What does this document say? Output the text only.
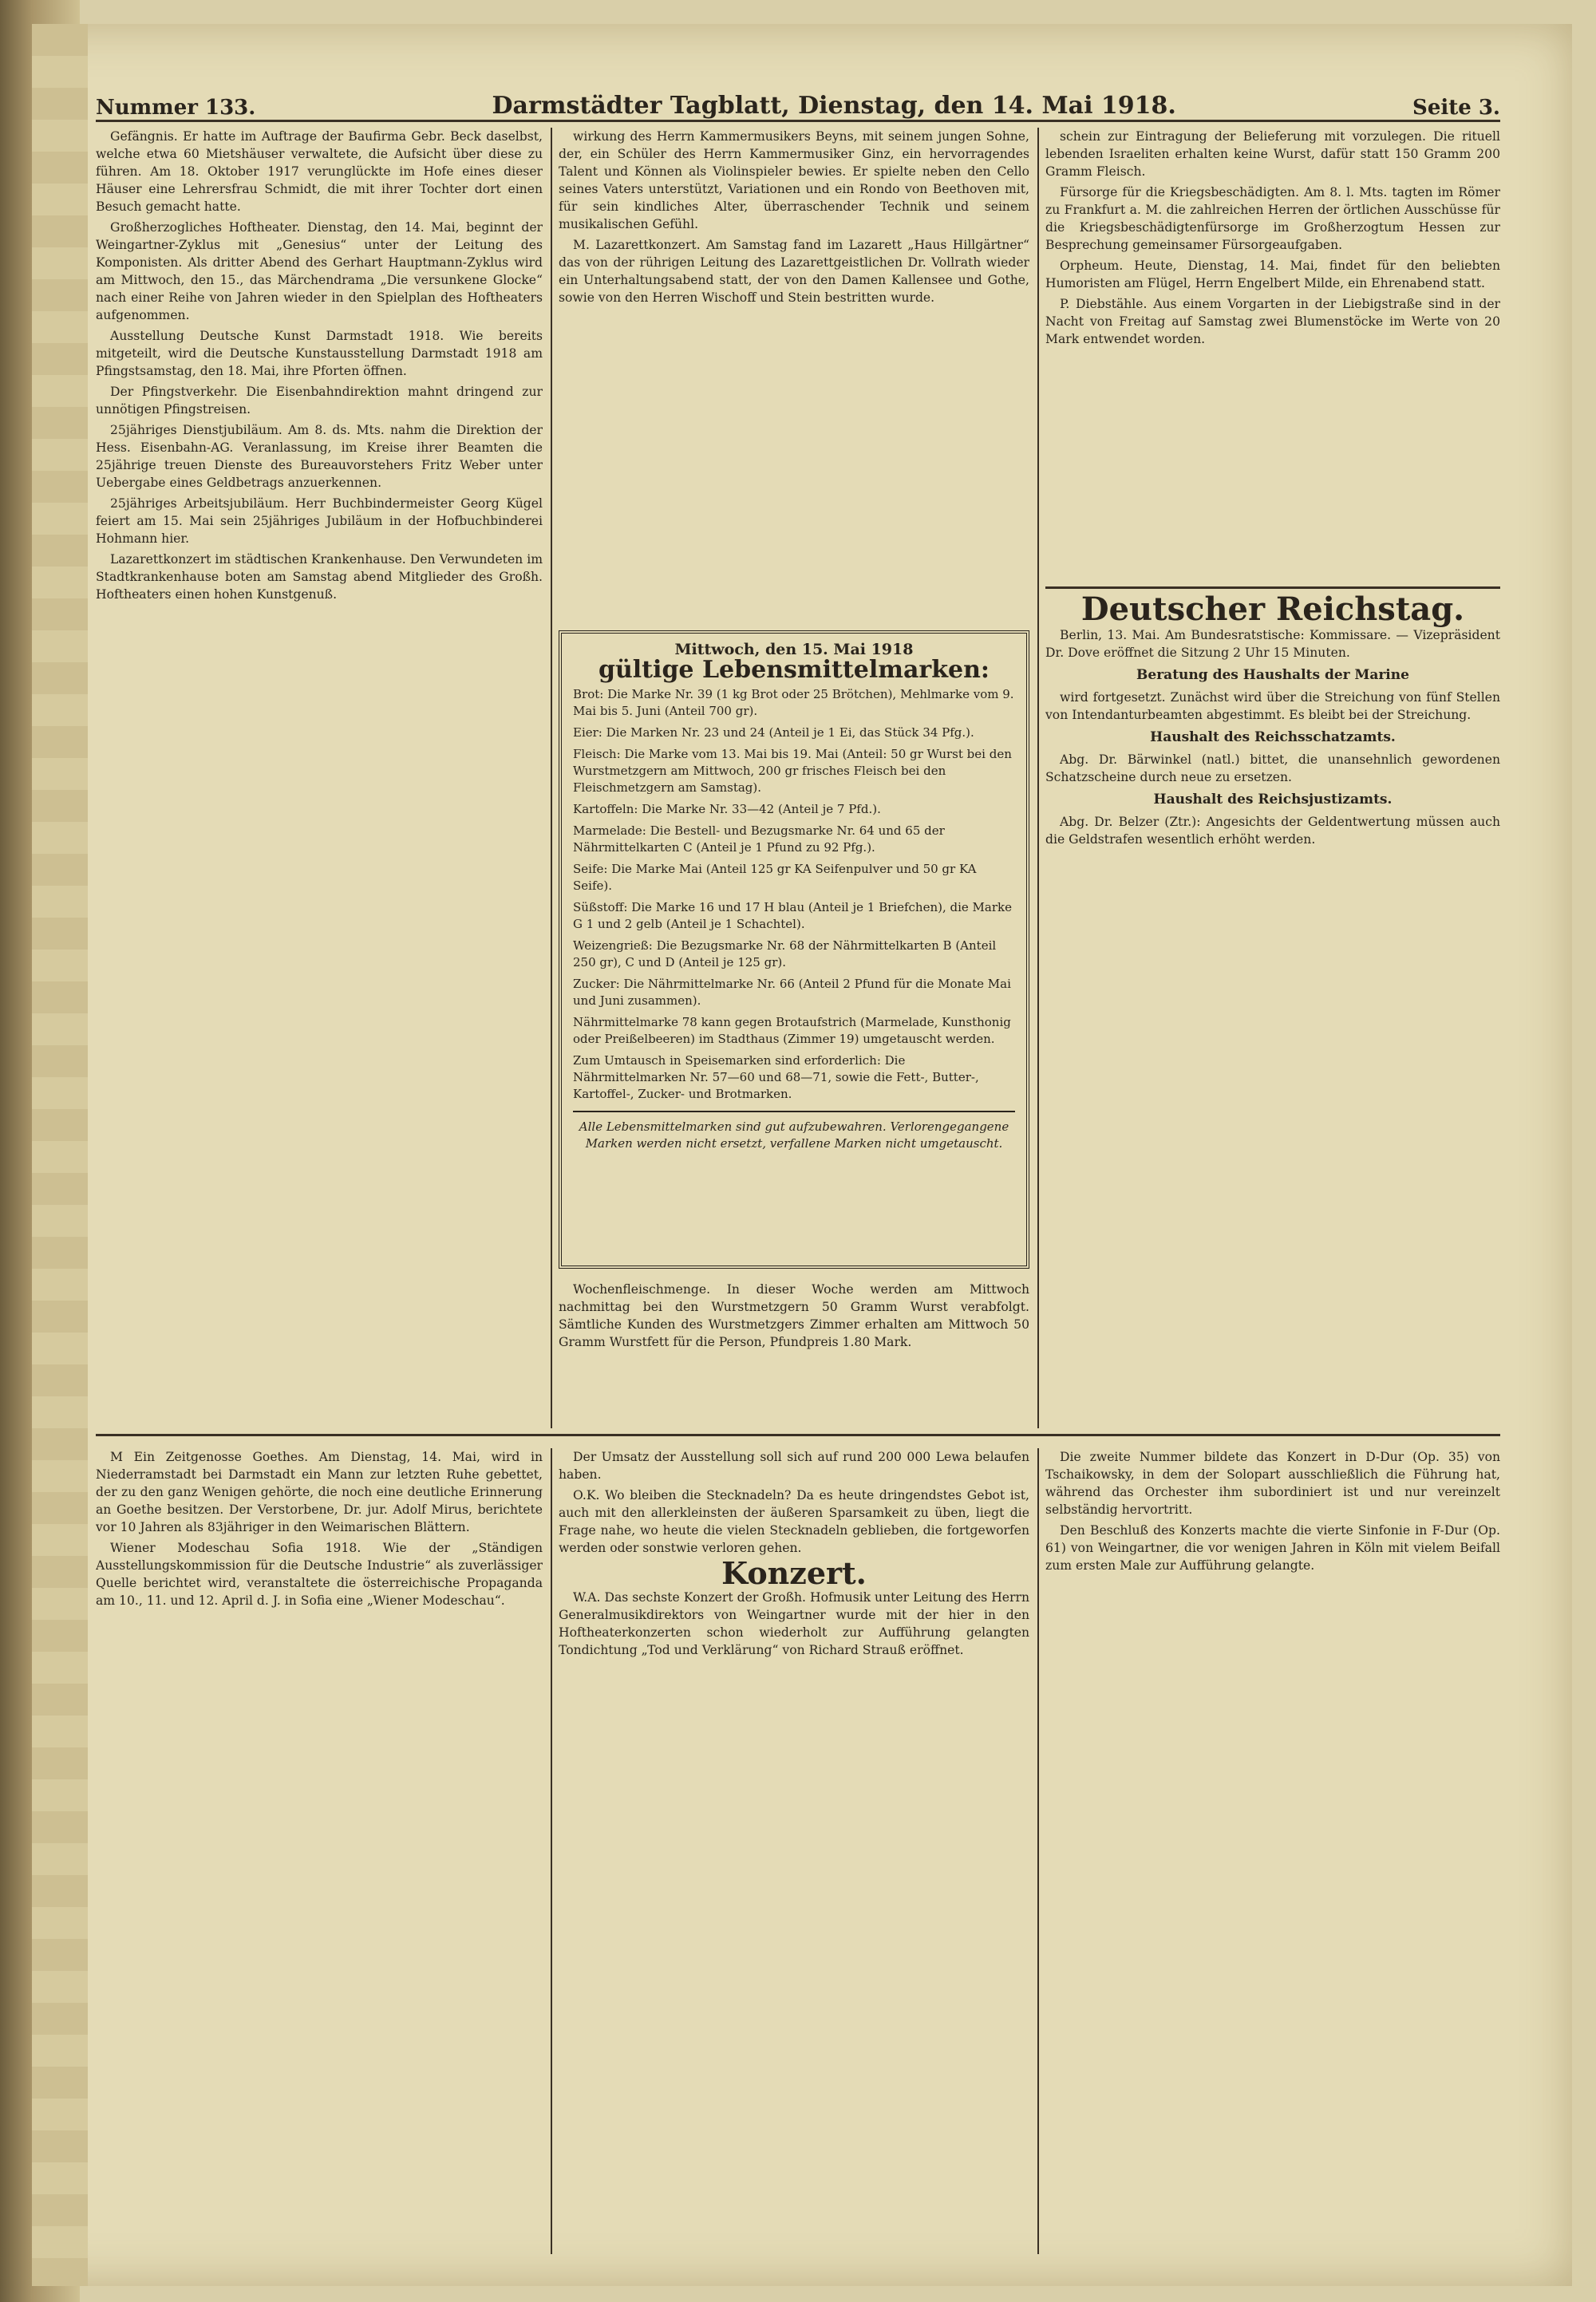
Nummer 133.	Darmstädter Tagblatt, Dienstag, den 14. Mai 1918.	Seite 3.

Gefängnis. Er hatte im Auftrage der Baufirma Gebr. Beck daselbst, welche etwa 60 Mietshäuser verwaltete, die Aufsicht über diese zu führen. Am 18. Oktober 1917 verunglückte im Hofe eines dieser Häuser eine Lehrersfrau Schmidt, die mit ihrer Tochter dort einen Besuch gemacht hatte.

Großherzogliches Hoftheater. Dienstag, den 14. Mai, beginnt der Weingartner-Zyklus mit „Genesius“ unter der Leitung des Komponisten. Als dritter Abend des Gerhart Hauptmann-Zyklus wird am Mittwoch, den 15., das Märchendrama „Die versunkene Glocke“ nach einer Reihe von Jahren wieder in den Spielplan des Hoftheaters aufgenommen.

Ausstellung Deutsche Kunst Darmstadt 1918. Wie bereits mitgeteilt, wird die Deutsche Kunstausstellung Darmstadt 1918 am Pfingstsamstag, den 18. Mai, ihre Pforten öffnen.

Der Pfingstverkehr. Die Eisenbahndirektion mahnt dringend zur unnötigen Pfingstreisen.

25jähriges Dienstjubiläum. Am 8. ds. Mts. nahm die Direktion der Hess. Eisenbahn-AG. Veranlassung, im Kreise ihrer Beamten die 25jährige treuen Dienste des Bureauvorstehers Fritz Weber unter Uebergabe eines Geldbetrags anzuerkennen.

25jähriges Arbeitsjubiläum. Herr Buchbindermeister Georg Kügel feiert am 15. Mai sein 25jähriges Jubiläum in der Hofbuchbinderei Hohmann hier.

Lazarettkonzert im städtischen Krankenhause. Den Verwundeten im Stadtkrankenhause boten am Samstag abend Mitglieder des Großh. Hoftheaters einen hohen Kunstgenuß.

wirkung des Herrn Kammermusikers Beyns, mit seinem jungen Sohne, der, ein Schüler des Herrn Kammermusiker Ginz, ein hervorragendes Talent und Können als Violinspieler bewies. Er spielte neben den Cello seines Vaters unterstützt, Variationen und ein Rondo von Beethoven mit, für sein kindliches Alter, überraschender Technik und seinem musikalischen Gefühl.

M. Lazarettkonzert. Am Samstag fand im Lazarett „Haus Hillgärtner“ das von der rührigen Leitung des Lazarettgeistlichen Dr. Vollrath wieder ein Unterhaltungsabend statt, der von den Damen Kallensee und Gothe, sowie von den Herren Wischoff und Stein bestritten wurde.

Mittwoch, den 15. Mai 1918
gültige Lebensmittelmarken:

Brot: Die Marke Nr. 39 (1 kg Brot oder 25 Brötchen), Mehlmarke vom 9. Mai bis 5. Juni (Anteil 700 gr).

Eier: Die Marken Nr. 23 und 24 (Anteil je 1 Ei, das Stück 34 Pfg.).

Fleisch: Die Marke vom 13. Mai bis 19. Mai (Anteil: 50 gr Wurst bei den Wurstmetzgern am Mittwoch, 200 gr frisches Fleisch bei den Fleischmetzgern am Samstag).

Kartoffeln: Die Marke Nr. 33—42 (Anteil je 7 Pfd.).

Marmelade: Die Bestell- und Bezugsmarke Nr. 64 und 65 der Nährmittelkarten C (Anteil je 1 Pfund zu 92 Pfg.).

Seife: Die Marke Mai (Anteil 125 gr KA Seifenpulver und 50 gr KA Seife).

Süßstoff: Die Marke 16 und 17 H blau (Anteil je 1 Briefchen), die Marke G 1 und 2 gelb (Anteil je 1 Schachtel).

Weizengrieß: Die Bezugsmarke Nr. 68 der Nährmittelkarten B (Anteil 250 gr), C und D (Anteil je 125 gr).

Zucker: Die Nährmittelmarke Nr. 66 (Anteil 2 Pfund für die Monate Mai und Juni zusammen).

Nährmittelmarke 78 kann gegen Brotaufstrich (Marmelade, Kunsthonig oder Preißelbeeren) im Stadthaus (Zimmer 19) umgetauscht werden.

Zum Umtausch in Speisemarken sind erforderlich: Die Nährmittelmarken Nr. 57—60 und 68—71, sowie die Fett-, Butter-, Kartoffel-, Zucker- und Brotmarken.

Alle Lebensmittelmarken sind gut aufzubewahren. Verlorengegangene Marken werden nicht ersetzt, verfallene Marken nicht umgetauscht.

Wochenfleischmenge. In dieser Woche werden am Mittwoch nachmittag bei den Wurstmetzgern 50 Gramm Wurst verabfolgt. Sämtliche Kunden des Wurstmetzgers Zimmer erhalten am Mittwoch 50 Gramm Wurstfett für die Person, Pfundpreis 1.80 Mark.

schein zur Eintragung der Belieferung mit vorzulegen. Die rituell lebenden Israeliten erhalten keine Wurst, dafür statt 150 Gramm 200 Gramm Fleisch.

Fürsorge für die Kriegsbeschädigten. Am 8. l. Mts. tagten im Römer zu Frankfurt a. M. die zahlreichen Herren der örtlichen Ausschüsse für die Kriegsbeschädigtenfürsorge im Großherzogtum Hessen zur Besprechung gemeinsamer Fürsorgeaufgaben.

Orpheum. Heute, Dienstag, 14. Mai, findet für den beliebten Humoristen am Flügel, Herrn Engelbert Milde, ein Ehrenabend statt.

P. Diebstähle. Aus einem Vorgarten in der Liebigstraße sind in der Nacht von Freitag auf Samstag zwei Blumenstöcke im Werte von 20 Mark entwendet worden.

Deutscher Reichstag.

Berlin, 13. Mai. Am Bundesratstische: Kommissare. — Vizepräsident Dr. Dove eröffnet die Sitzung 2 Uhr 15 Minuten.

Beratung des Haushalts der Marine

wird fortgesetzt. Zunächst wird über die Streichung von fünf Stellen von Intendanturbeamten abgestimmt. Es bleibt bei der Streichung.

Haushalt des Reichsschatzamts.

Abg. Dr. Bärwinkel (natl.) bittet, die unansehnlich gewordenen Schatzscheine durch neue zu ersetzen.

Haushalt des Reichsjustizamts.

Abg. Dr. Belzer (Ztr.): Angesichts der Geldentwertung müssen auch die Geldstrafen wesentlich erhöht werden.

M Ein Zeitgenosse Goethes. Am Dienstag, 14. Mai, wird in Niederramstadt bei Darmstadt ein Mann zur letzten Ruhe gebettet, der zu den ganz Wenigen gehörte, die noch eine deutliche Erinnerung an Goethe besitzen. Der Verstorbene, Dr. jur. Adolf Mirus, berichtete vor 10 Jahren als 83jähriger in den Weimarischen Blättern.

Wiener Modeschau Sofia 1918. Wie der „Ständigen Ausstellungskommission für die Deutsche Industrie“ als zuverlässiger Quelle berichtet wird, veranstaltete die österreichische Propaganda am 10., 11. und 12. April d. J. in Sofia eine „Wiener Modeschau“.

Der Umsatz der Ausstellung soll sich auf rund 200 000 Lewa belaufen haben.

O.K. Wo bleiben die Stecknadeln? Da es heute dringendstes Gebot ist, auch mit den allerkleinsten der äußeren Sparsamkeit zu üben, liegt die Frage nahe, wo heute die vielen Stecknadeln geblieben, die fortgeworfen werden oder sonstwie verloren gehen.

Konzert.

W.A. Das sechste Konzert der Großh. Hofmusik unter Leitung des Herrn Generalmusikdirektors von Weingartner wurde mit der hier in den Hoftheaterkonzerten schon wiederholt zur Aufführung gelangten Tondichtung „Tod und Verklärung“ von Richard Strauß eröffnet.

Die zweite Nummer bildete das Konzert in D-Dur (Op. 35) von Tschaikowsky, in dem der Solopart ausschließlich die Führung hat, während das Orchester ihm subordiniert ist und nur vereinzelt selbständig hervortritt.

Den Beschluß des Konzerts machte die vierte Sinfonie in F-Dur (Op. 61) von Weingartner, die vor wenigen Jahren in Köln mit vielem Beifall zum ersten Male zur Aufführung gelangte.
